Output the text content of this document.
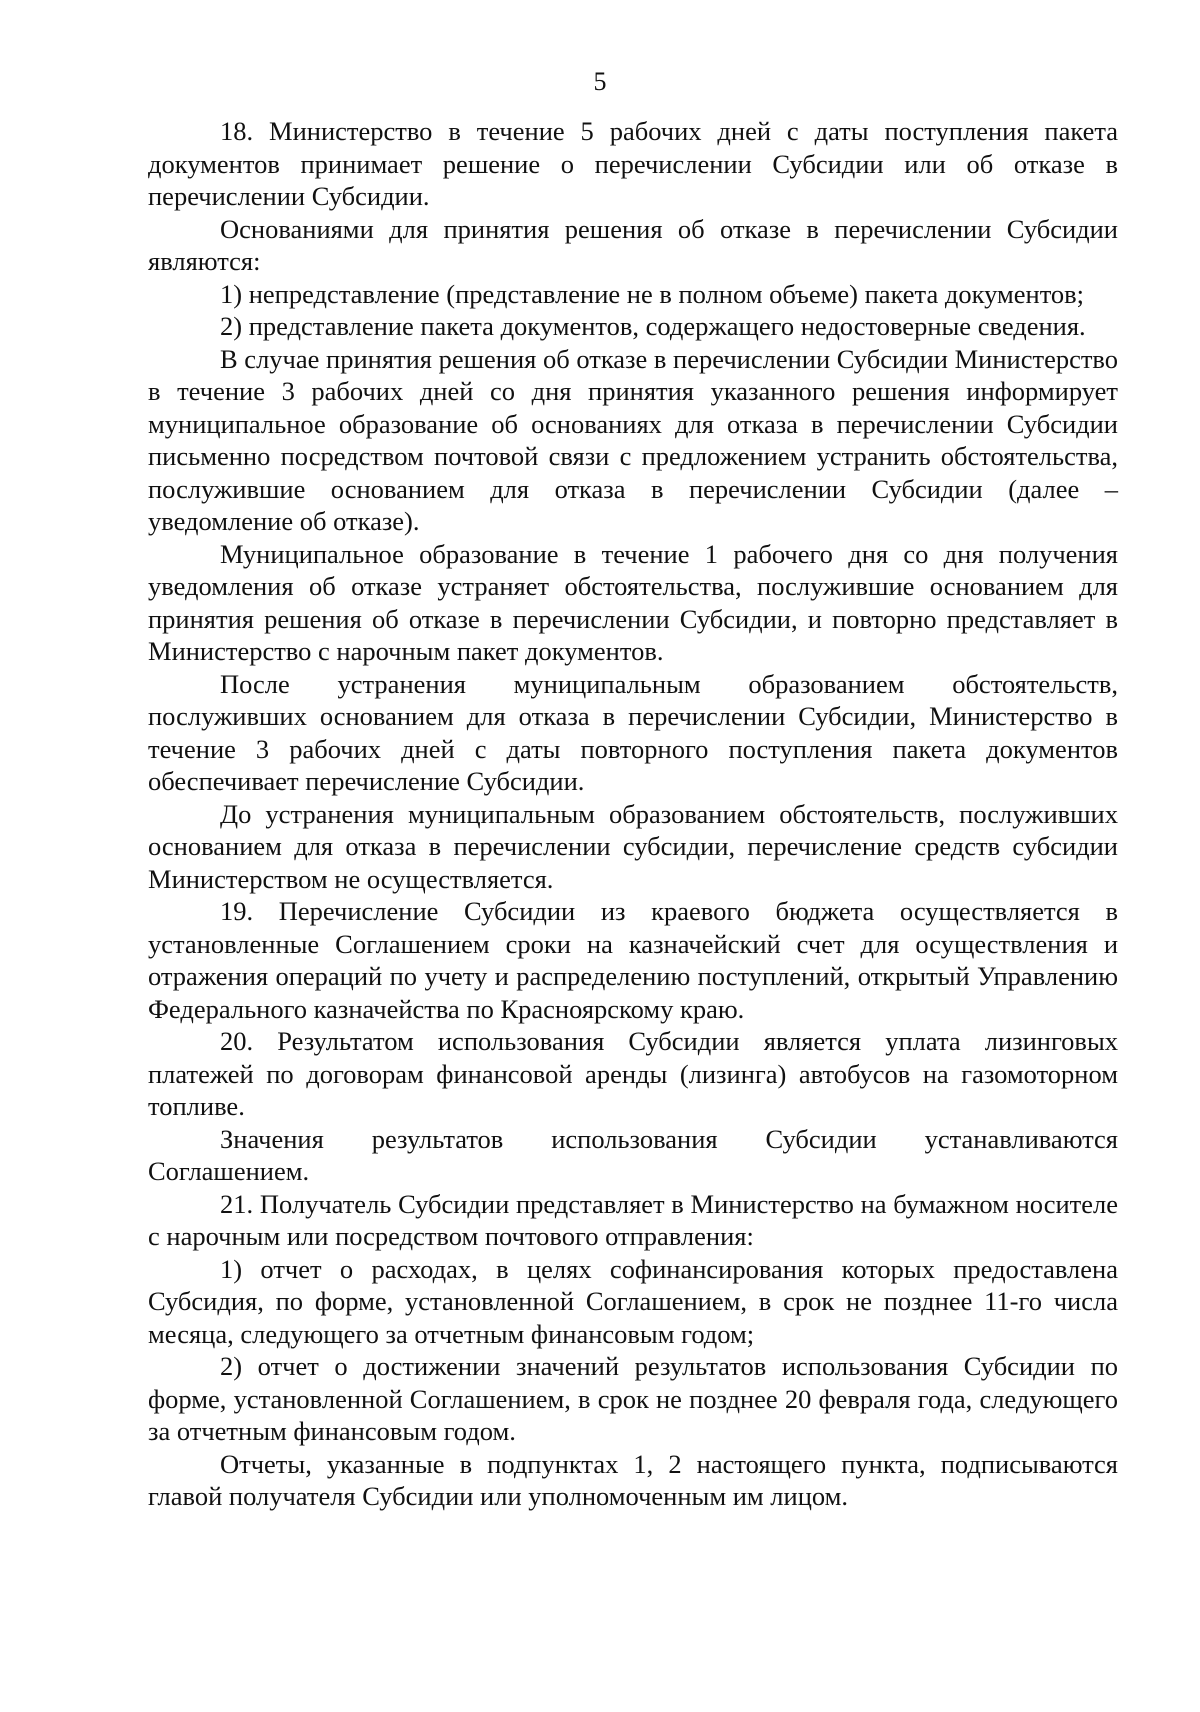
5

18. Министерство в течение 5 рабочих дней с даты поступления пакета документов принимает решение о перечислении Субсидии или об отказе в перечислении Субсидии.

Основаниями для принятия решения об отказе в перечислении Субсидии являются:

1) непредставление (представление не в полном объеме) пакета документов;

2) представление пакета документов, содержащего недостоверные сведения.

В случае принятия решения об отказе в перечислении Субсидии Министерство в течение 3 рабочих дней со дня принятия указанного решения информирует муниципальное образование об основаниях для отказа в перечислении Субсидии письменно посредством почтовой связи с предложением устранить обстоятельства, послужившие основанием для отказа в перечислении Субсидии (далее – уведомление об отказе).

Муниципальное образование в течение 1 рабочего дня со дня получения уведомления об отказе устраняет обстоятельства, послужившие основанием для принятия решения об отказе в перечислении Субсидии, и повторно представляет в Министерство с нарочным пакет документов.

После устранения муниципальным образованием обстоятельств, послуживших основанием для отказа в перечислении Субсидии, Министерство в течение 3 рабочих дней с даты повторного поступления пакета документов обеспечивает перечисление Субсидии.

До устранения муниципальным образованием обстоятельств, послуживших основанием для отказа в перечислении субсидии, перечисление средств субсидии Министерством не осуществляется.

19. Перечисление Субсидии из краевого бюджета осуществляется в установленные Соглашением сроки на казначейский счет для осуществления и отражения операций по учету и распределению поступлений, открытый Управлению Федерального казначейства по Красноярскому краю.

20. Результатом использования Субсидии является уплата лизинговых платежей по договорам финансовой аренды (лизинга) автобусов на газомоторном топливе.

Значения результатов использования Субсидии устанавливаются Соглашением.

21. Получатель Субсидии представляет в Министерство на бумажном носителе с нарочным или посредством почтового отправления:

1) отчет о расходах, в целях софинансирования которых предоставлена Субсидия, по форме, установленной Соглашением, в срок не позднее 11-го числа месяца, следующего за отчетным финансовым годом;

2) отчет о достижении значений результатов использования Субсидии по форме, установленной Соглашением, в срок не позднее 20 февраля года, следующего за отчетным финансовым годом.

Отчеты, указанные в подпунктах 1, 2 настоящего пункта, подписываются главой получателя Субсидии или уполномоченным им лицом.
